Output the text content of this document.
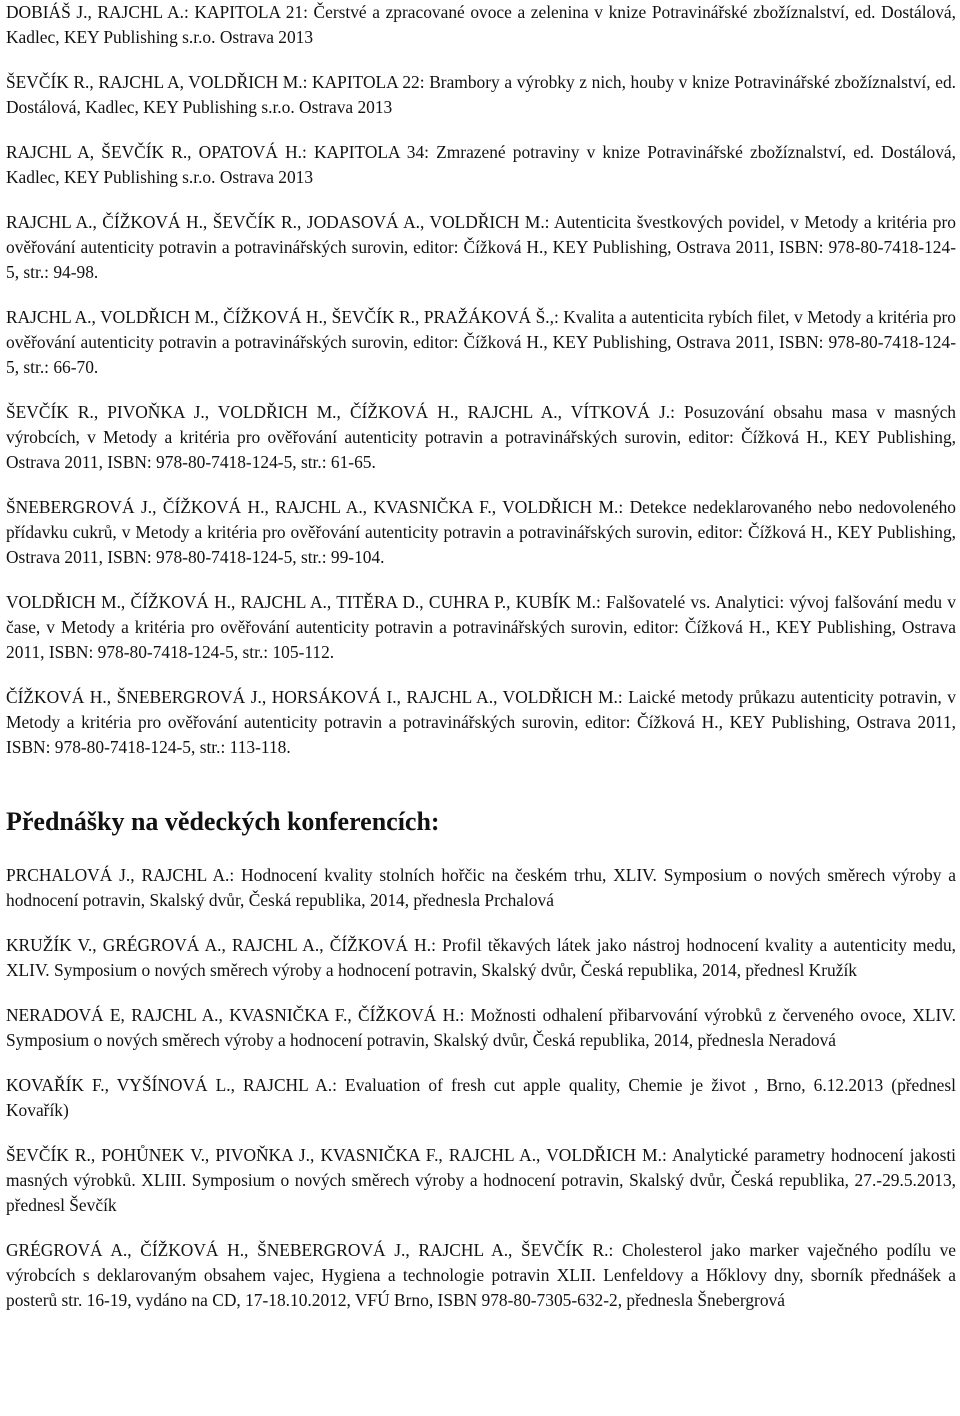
DOBIÁŠ J., RAJCHL A.: KAPITOLA 21: Čerstvé a zpracované ovoce a zelenina v knize Potravinářské zbožíznalství, ed. Dostálová, Kadlec, KEY Publishing s.r.o. Ostrava 2013

ŠEVČÍK R., RAJCHL A, VOLDŘICH M.: KAPITOLA 22: Brambory a výrobky z nich, houby v knize Potravinářské zbožíznalství, ed. Dostálová, Kadlec, KEY Publishing s.r.o. Ostrava 2013

RAJCHL A, ŠEVČÍK R., OPATOVÁ H.: KAPITOLA 34: Zmrazené potraviny v knize Potravinářské zbožíznalství, ed. Dostálová, Kadlec, KEY Publishing s.r.o. Ostrava 2013

RAJCHL A., ČÍŽKOVÁ H., ŠEVČÍK R., JODASOVÁ A., VOLDŘICH M.: Autenticita švestkových povidel, v Metody a kritéria pro ověřování autenticity potravin a potravinářských surovin, editor: Čížková H., KEY Publishing, Ostrava 2011, ISBN: 978-80-7418-124-5, str.: 94-98.

RAJCHL A., VOLDŘICH M., ČÍŽKOVÁ H., ŠEVČÍK R., PRAŽÁKOVÁ Š.,: Kvalita a autenticita rybích filet, v Metody a kritéria pro ověřování autenticity potravin a potravinářských surovin, editor: Čížková H., KEY Publishing, Ostrava 2011, ISBN: 978-80-7418-124-5, str.: 66-70.

ŠEVČÍK R., PIVOŇKA J., VOLDŘICH M., ČÍŽKOVÁ H., RAJCHL A., VÍTKOVÁ J.: Posuzování obsahu masa v masných výrobcích, v Metody a kritéria pro ověřování autenticity potravin a potravinářských surovin, editor: Čížková H., KEY Publishing, Ostrava 2011, ISBN: 978-80-7418-124-5, str.: 61-65.

ŠNEBERGROVÁ J., ČÍŽKOVÁ H., RAJCHL A., KVASNIČKA F., VOLDŘICH M.: Detekce nedeklarovaného nebo nedovoleného přídavku cukrů, v Metody a kritéria pro ověřování autenticity potravin a potravinářských surovin, editor: Čížková H., KEY Publishing, Ostrava 2011, ISBN: 978-80-7418-124-5, str.: 99-104.

VOLDŘICH M., ČÍŽKOVÁ H., RAJCHL A., TITĚRA D., CUHRA P., KUBÍK M.: Falšovatelé vs. Analytici: vývoj falšování medu v čase, v Metody a kritéria pro ověřování autenticity potravin a potravinářských surovin, editor: Čížková H., KEY Publishing, Ostrava 2011, ISBN: 978-80-7418-124-5, str.: 105-112.

ČÍŽKOVÁ H., ŠNEBERGROVÁ J., HORSÁKOVÁ I., RAJCHL A., VOLDŘICH M.: Laické metody průkazu autenticity potravin, v Metody a kritéria pro ověřování autenticity potravin a potravinářských surovin, editor: Čížková H., KEY Publishing, Ostrava 2011, ISBN: 978-80-7418-124-5, str.: 113-118.

Přednášky na vědeckých konferencích:

PRCHALOVÁ J., RAJCHL A.: Hodnocení kvality stolních hořčic na českém trhu, XLIV. Symposium o nových směrech výroby a hodnocení potravin, Skalský dvůr, Česká republika, 2014, přednesla Prchalová

KRUŽÍK V., GRÉGROVÁ A., RAJCHL A., ČÍŽKOVÁ H.: Profil těkavých látek jako nástroj hodnocení kvality a autenticity medu, XLIV. Symposium o nových směrech výroby a hodnocení potravin, Skalský dvůr, Česká republika, 2014, přednesl Kružík

NERADOVÁ E, RAJCHL A., KVASNIČKA F., ČÍŽKOVÁ H.: Možnosti odhalení přibarvování výrobků z červeného ovoce, XLIV. Symposium o nových směrech výroby a hodnocení potravin, Skalský dvůr, Česká republika, 2014, přednesla Neradová

KOVAŘÍK F., VYŠÍNOVÁ L., RAJCHL A.: Evaluation of fresh cut apple quality, Chemie je život , Brno, 6.12.2013 (přednesl Kovařík)

ŠEVČÍK R., POHŮNEK V., PIVOŇKA J., KVASNIČKA F., RAJCHL A., VOLDŘICH M.: Analytické parametry hodnocení jakosti masných výrobků. XLIII. Symposium o nových směrech výroby a hodnocení potravin, Skalský dvůr, Česká republika, 27.-29.5.2013, přednesl Ševčík

GRÉGROVÁ A., ČÍŽKOVÁ H., ŠNEBERGROVÁ J., RAJCHL A., ŠEVČÍK R.: Cholesterol jako marker vaječného podílu ve výrobcích s deklarovaným obsahem vajec, Hygiena a technologie potravin XLII. Lenfeldovy a Hőklovy dny, sborník přednášek a posterů str. 16-19, vydáno na CD, 17-18.10.2012, VFÚ Brno, ISBN 978-80-7305-632-2, přednesla Šnebergrová
